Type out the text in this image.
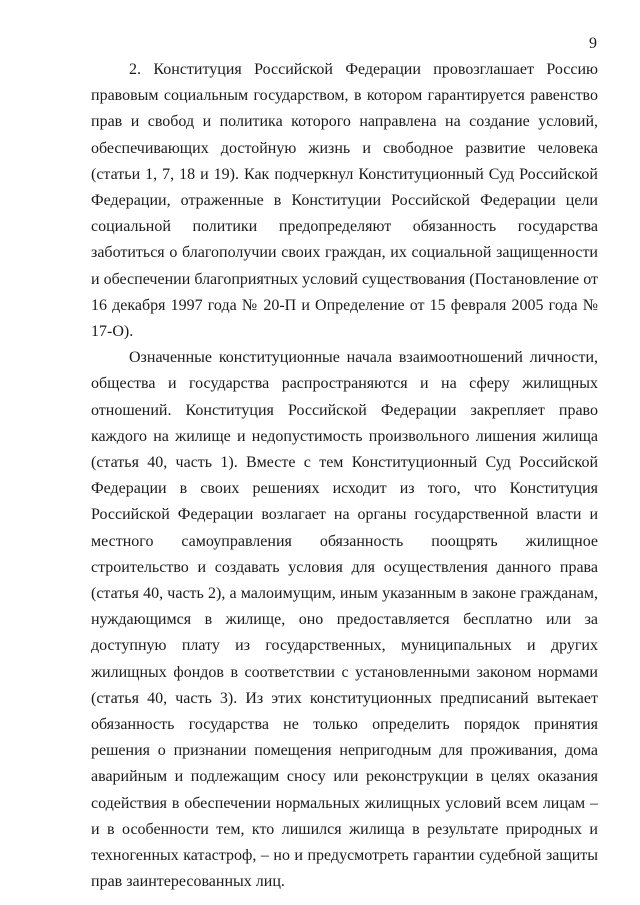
9

2. Конституция Российской Федерации провозглашает Россию правовым социальным государством, в котором гарантируется равенство прав и свобод и политика которого направлена на создание условий, обеспечивающих достойную жизнь и свободное развитие человека (статьи 1, 7, 18 и 19). Как подчеркнул Конституционный Суд Российской Федерации, отраженные в Конституции Российской Федерации цели социальной политики предопределяют обязанность государства заботиться о благополучии своих граждан, их социальной защищенности и обеспечении благоприятных условий существования (Постановление от 16 декабря 1997 года № 20-П и Определение от 15 февраля 2005 года № 17-О).

Означенные конституционные начала взаимоотношений личности, общества и государства распространяются и на сферу жилищных отношений. Конституция Российской Федерации закрепляет право каждого на жилище и недопустимость произвольного лишения жилища (статья 40, часть 1). Вместе с тем Конституционный Суд Российской Федерации в своих решениях исходит из того, что Конституция Российской Федерации возлагает на органы государственной власти и местного самоуправления обязанность поощрять жилищное строительство и создавать условия для осуществления данного права (статья 40, часть 2), а малоимущим, иным указанным в законе гражданам, нуждающимся в жилище, оно предоставляется бесплатно или за доступную плату из государственных, муниципальных и других жилищных фондов в соответствии с установленными законом нормами (статья 40, часть 3). Из этих конституционных предписаний вытекает обязанность государства не только определить порядок принятия решения о признании помещения непригодным для проживания, дома аварийным и подлежащим сносу или реконструкции в целях оказания содействия в обеспечении нормальных жилищных условий всем лицам – и в особенности тем, кто лишился жилища в результате природных и техногенных катастроф, – но и предусмотреть гарантии судебной защиты прав заинтересованных лиц.
